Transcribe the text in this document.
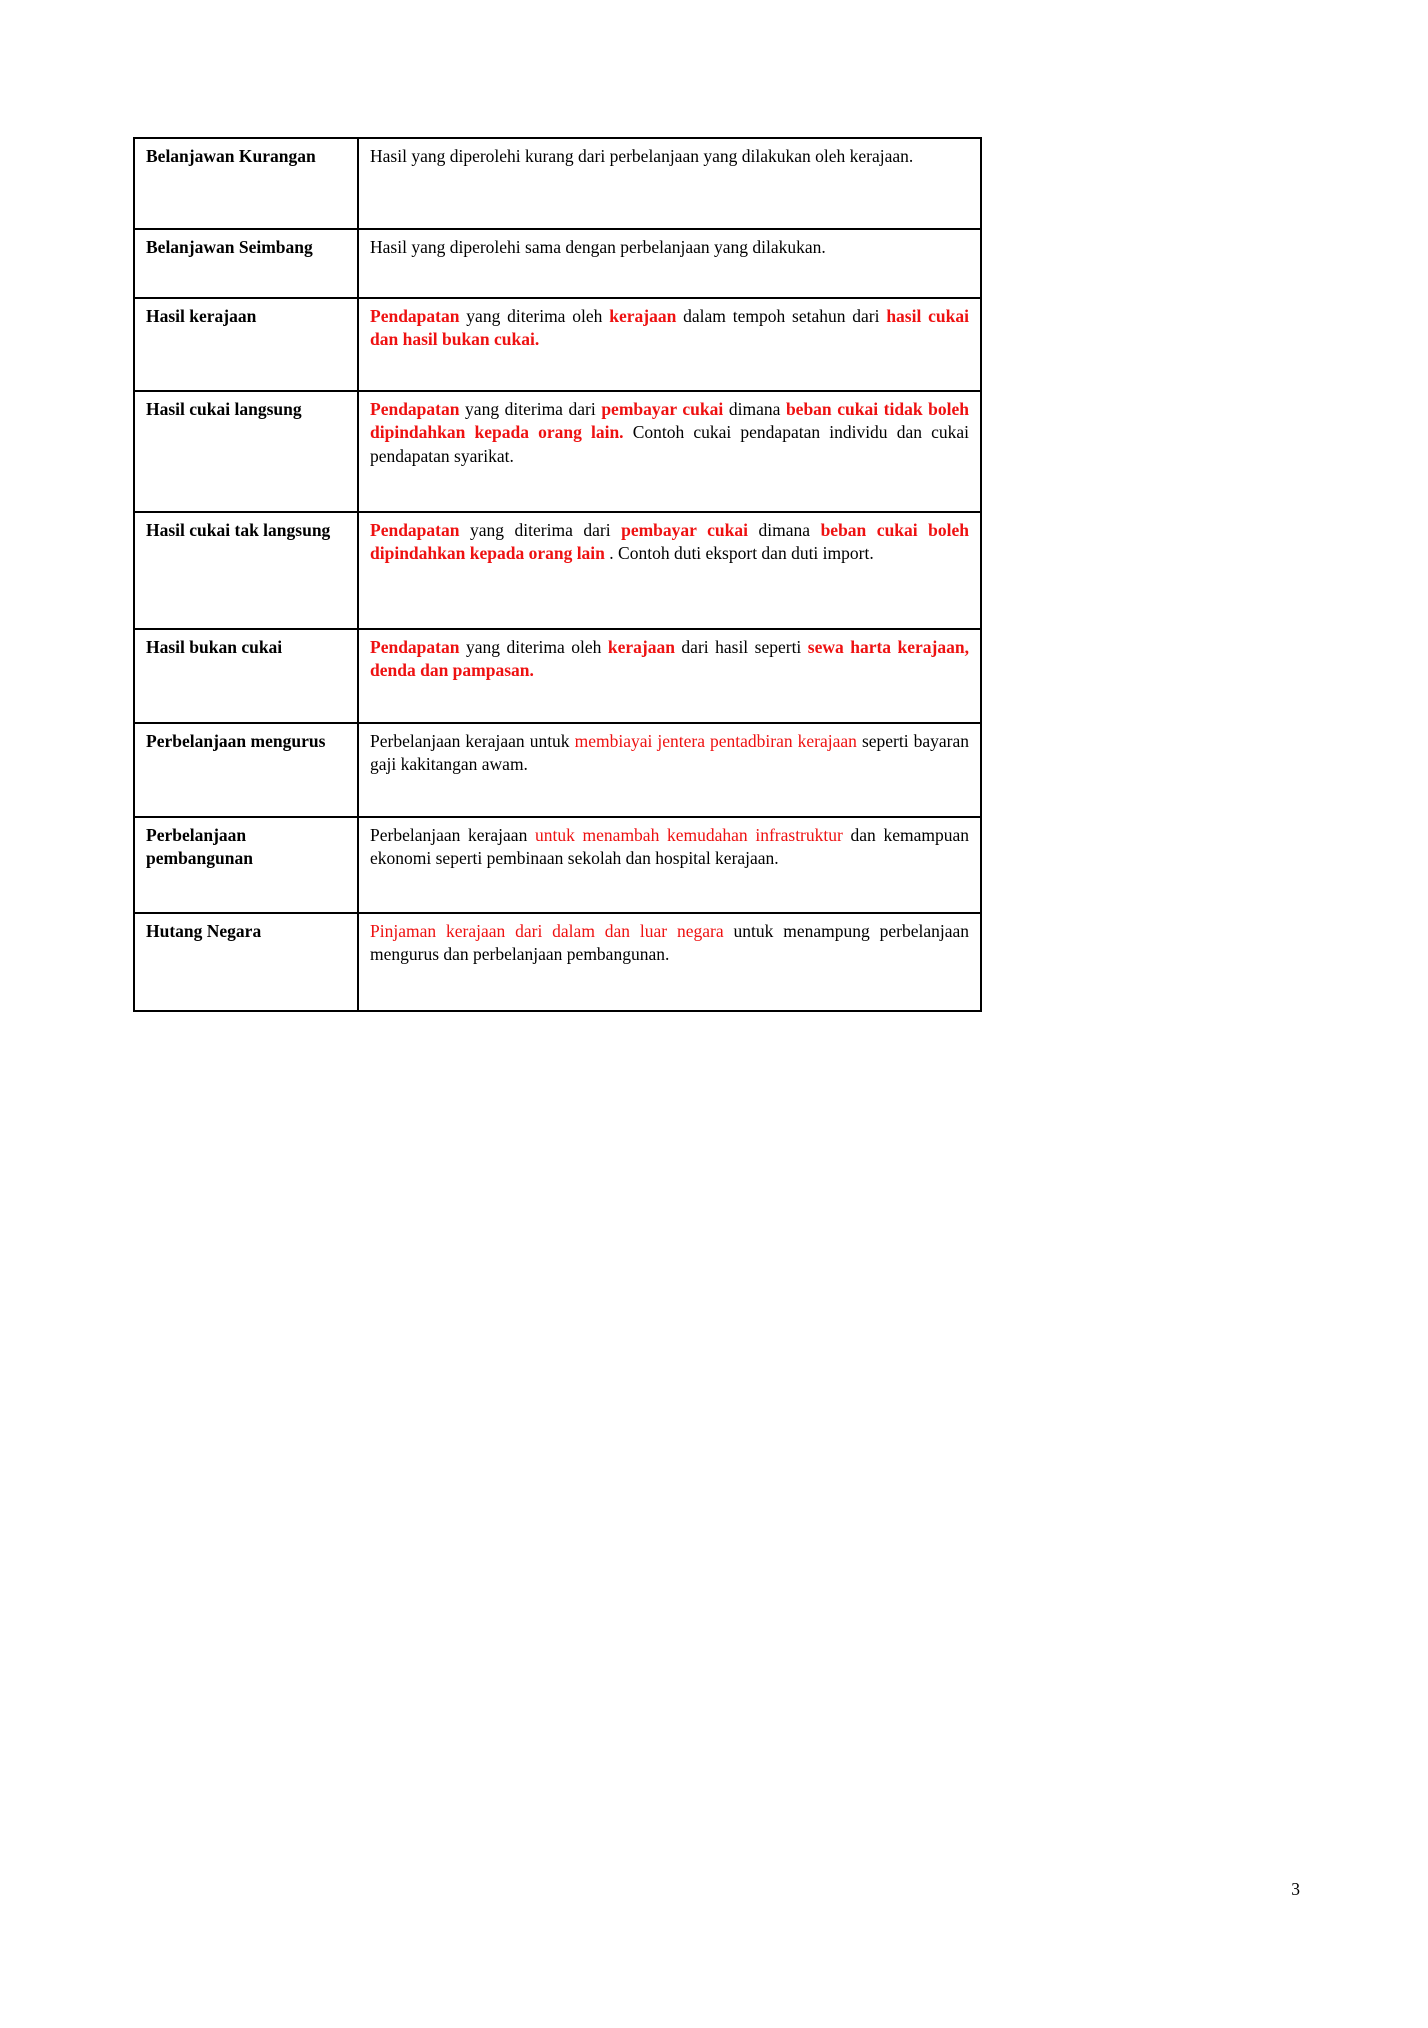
Belanjawan Kurangan	Hasil yang diperolehi kurang dari perbelanjaan yang dilakukan oleh kerajaan.
Belanjawan Seimbang	Hasil yang diperolehi sama dengan perbelanjaan yang dilakukan.
Hasil kerajaan	Pendapatan yang diterima oleh kerajaan dalam tempoh setahun dari hasil cukai dan hasil bukan cukai.
Hasil cukai langsung	Pendapatan yang diterima dari pembayar cukai dimana beban cukai tidak boleh dipindahkan kepada orang lain. Contoh cukai pendapatan individu dan cukai pendapatan syarikat.
Hasil cukai tak langsung	Pendapatan yang diterima dari pembayar cukai dimana beban cukai boleh dipindahkan kepada orang lain . Contoh duti eksport dan duti import.
Hasil bukan cukai	Pendapatan yang diterima oleh kerajaan dari hasil seperti sewa harta kerajaan, denda dan pampasan.
Perbelanjaan mengurus	Perbelanjaan kerajaan untuk membiayai jentera pentadbiran kerajaan seperti bayaran gaji kakitangan awam.
Perbelanjaan pembangunan	Perbelanjaan kerajaan untuk menambah kemudahan infrastruktur dan kemampuan ekonomi seperti pembinaan sekolah dan hospital kerajaan.
Hutang Negara	Pinjaman kerajaan dari dalam dan luar negara untuk menampung perbelanjaan mengurus dan perbelanjaan pembangunan.
3
